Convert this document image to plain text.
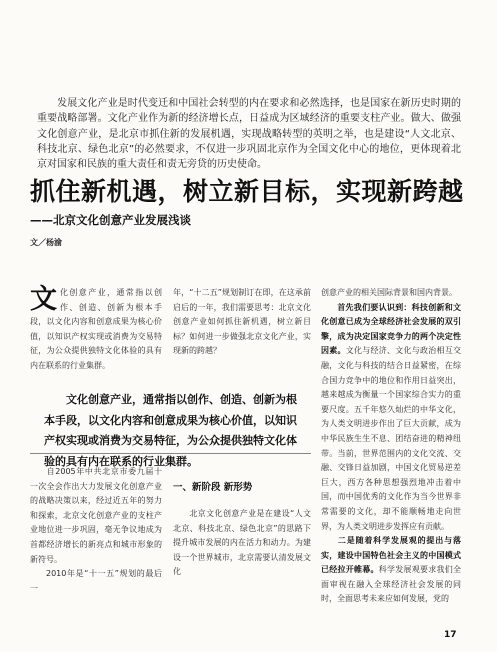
发展文化产业是时代变迁和中国社会转型的内在要求和必然选择，也是国家在新历史时期的重要战略部署。文化产业作为新的经济增长点，日益成为区域经济的重要支柱产业。做大、做强文化创意产业，是北京市抓住新的发展机遇，实现战略转型的英明之举，也是建设“人文北京、科技北京、绿色北京”的必然要求，不仅进一步巩固北京作为全国文化中心的地位，更体现着北京对国家和民族的重大责任和责无旁贷的历史使命。
抓住新机遇，树立新目标，实现新跨越
——北京文化创意产业发展浅谈
文／杨渝
文化创意产业，通常指以创作、创造、创新为根本手段，以文化内容和创意成果为核心价值，以知识产权实现或消费为交易特征，为公众提供独特文化体验的具有内在联系的行业集群。
年，“十二五”规划制订在即，在这承前启后的一年，我们需要思考：北京文化创意产业如何抓住新机遇，树立新目标？如何进一步做强北京文化产业，实现新的跨越？
文化创意产业，通常指以创作、创造、创新为根本手段，以文化内容和创意成果为核心价值，以知识产权实现或消费为交易特征，为公众提供独特文化体验的具有内在联系的行业集群。

自2005年中共北京市委九届十一次全会作出大力发展文化创意产业的战略决策以来，经过近五年的努力和探索，北京文化创意产业的支柱产业地位进一步巩固，毫无争议地成为首都经济增长的新亮点和城市形象的新符号。

2010年是“十一五”规划的最后一

一、新阶段 新形势
北京文化创意产业是在建设“人文北京、科技北京、绿色北京”的思路下提升城市发展的内在活力和动力。为建设一个世界城市，北京需要认清发展文化

创意产业的相关国际背景和国内背景。

首先我们要认识到：科技创新和文化创意已成为全球经济社会发展的双引擎，成为决定国家竞争力的两个决定性因素。文化与经济、文化与政治相互交融，文化与科技的结合日益紧密，在综合国力竞争中的地位和作用日益突出，越来越成为衡量一个国家综合实力的重要尺度。五千年悠久灿烂的中华文化，为人类文明进步作出了巨大贡献，成为中华民族生生不息、团结奋进的精神纽带。当前，世界范围内的文化交流、交融、交锋日益加剧，中国文化贸易逆差巨大，西方各种思想强烈地冲击着中国，而中国优秀的文化作为当今世界非常需要的文化，却不能顺畅地走向世界，为人类文明进步发挥应有贡献。

二是随着科学发展观的提出与落实，建设中国特色社会主义的中国模式已经拉开帷幕。科学发展观要求我们全面审视在融入全球经济社会发展的同时，全面思考未来应如何发展，党的

17
